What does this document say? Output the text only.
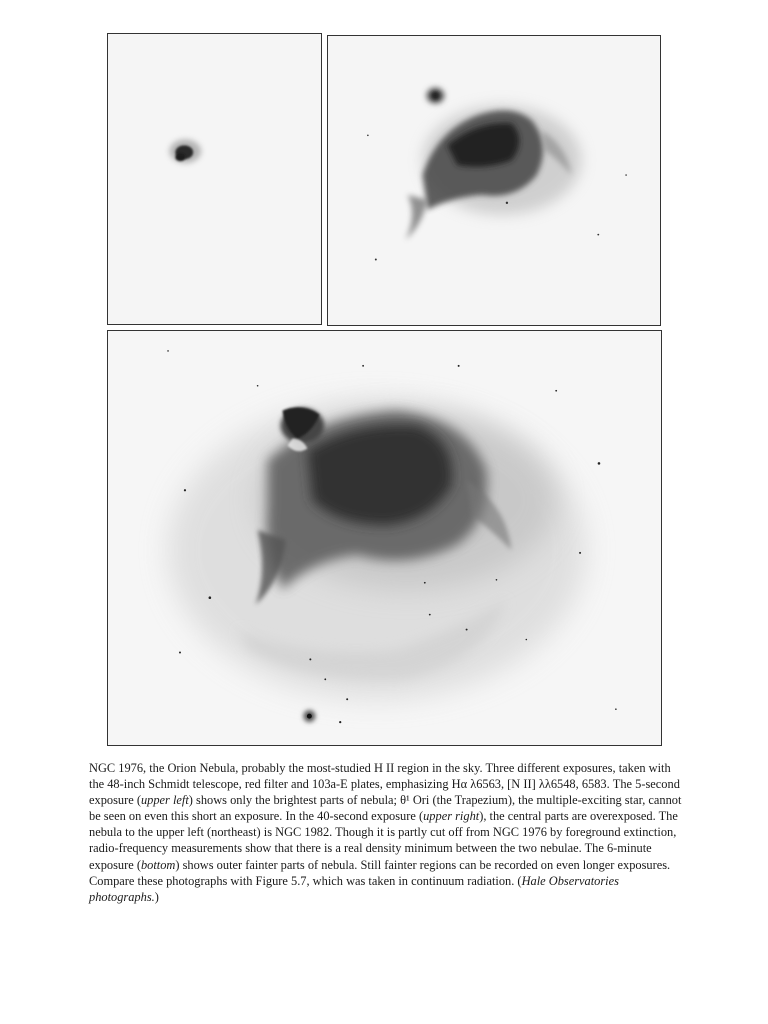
NGC 1976, the Orion Nebula, probably the most-studied H II region in the sky. Three different exposures, taken with the 48-inch Schmidt telescope, red filter and 103a-E plates, emphasizing Hα λ6563, [N II] λλ6548, 6583. The 5-second exposure (upper left) shows only the brightest parts of nebula; θ¹ Ori (the Trapezium), the multiple-exciting star, cannot be seen on even this short an exposure. In the 40-second exposure (upper right), the central parts are overexposed. The nebula to the upper left (northeast) is NGC 1982. Though it is partly cut off from NGC 1976 by foreground extinction, radio-frequency measurements show that there is a real density minimum between the two nebulae. The 6-minute exposure (bottom) shows outer fainter parts of nebula. Still fainter regions can be recorded on even longer exposures. Compare these photographs with Figure 5.7, which was taken in continuum radiation. (Hale Observatories photographs.)
